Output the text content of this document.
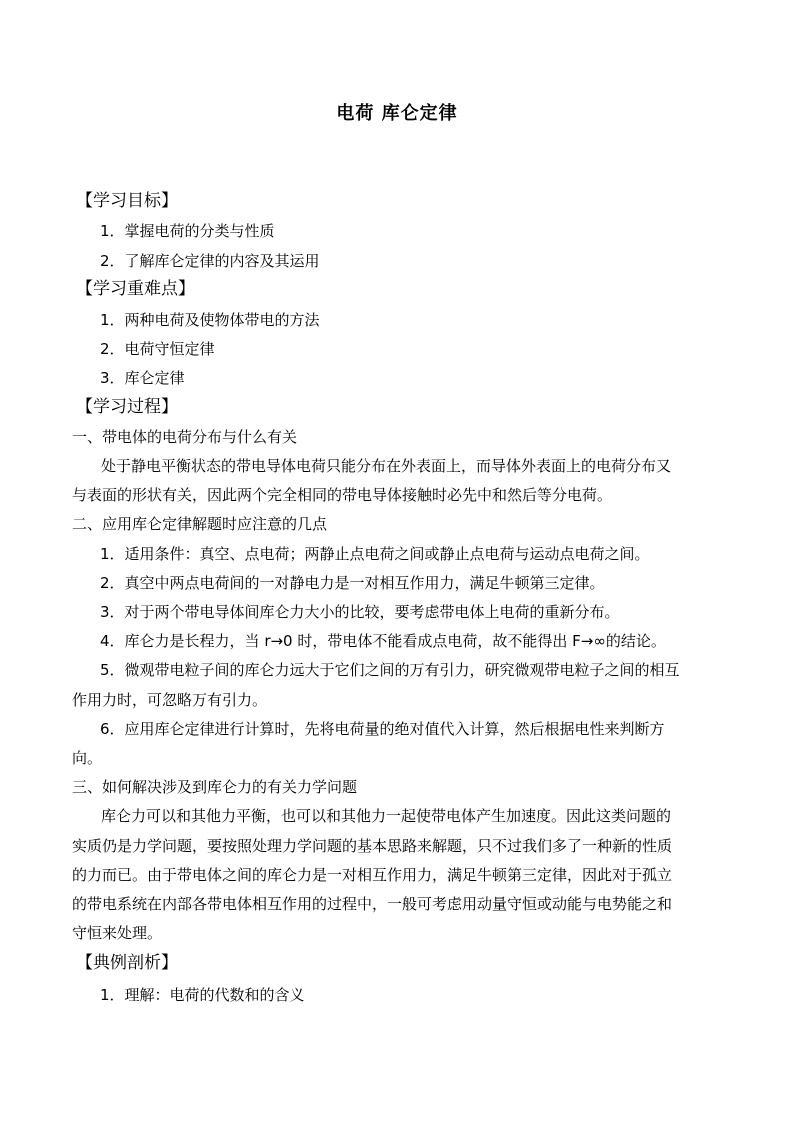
电荷 库仑定律
【学习目标】
1．掌握电荷的分类与性质
2．了解库仑定律的内容及其运用
【学习重难点】
1．两种电荷及使物体带电的方法
2．电荷守恒定律
3．库仑定律
【学习过程】
一、带电体的电荷分布与什么有关
处于静电平衡状态的带电导体电荷只能分布在外表面上，而导体外表面上的电荷分布又
与表面的形状有关，因此两个完全相同的带电导体接触时必先中和然后等分电荷。
二、应用库仑定律解题时应注意的几点
1．适用条件：真空、点电荷；两静止点电荷之间或静止点电荷与运动点电荷之间。
2．真空中两点电荷间的一对静电力是一对相互作用力，满足牛顿第三定律。
3．对于两个带电导体间库仑力大小的比较，要考虑带电体上电荷的重新分布。
4．库仑力是长程力，当 r→0 时，带电体不能看成点电荷，故不能得出 F→∞的结论。
5．微观带电粒子间的库仑力远大于它们之间的万有引力，研究微观带电粒子之间的相互
作用力时，可忽略万有引力。
6．应用库仑定律进行计算时，先将电荷量的绝对值代入计算，然后根据电性来判断方
向。
三、如何解决涉及到库仑力的有关力学问题
库仑力可以和其他力平衡，也可以和其他力一起使带电体产生加速度。因此这类问题的
实质仍是力学问题，要按照处理力学问题的基本思路来解题，只不过我们多了一种新的性质
的力而已。由于带电体之间的库仑力是一对相互作用力，满足牛顿第三定律，因此对于孤立
的带电系统在内部各带电体相互作用的过程中，一般可考虑用动量守恒或动能与电势能之和
守恒来处理。
【典例剖析】
1．理解：电荷的代数和的含义
